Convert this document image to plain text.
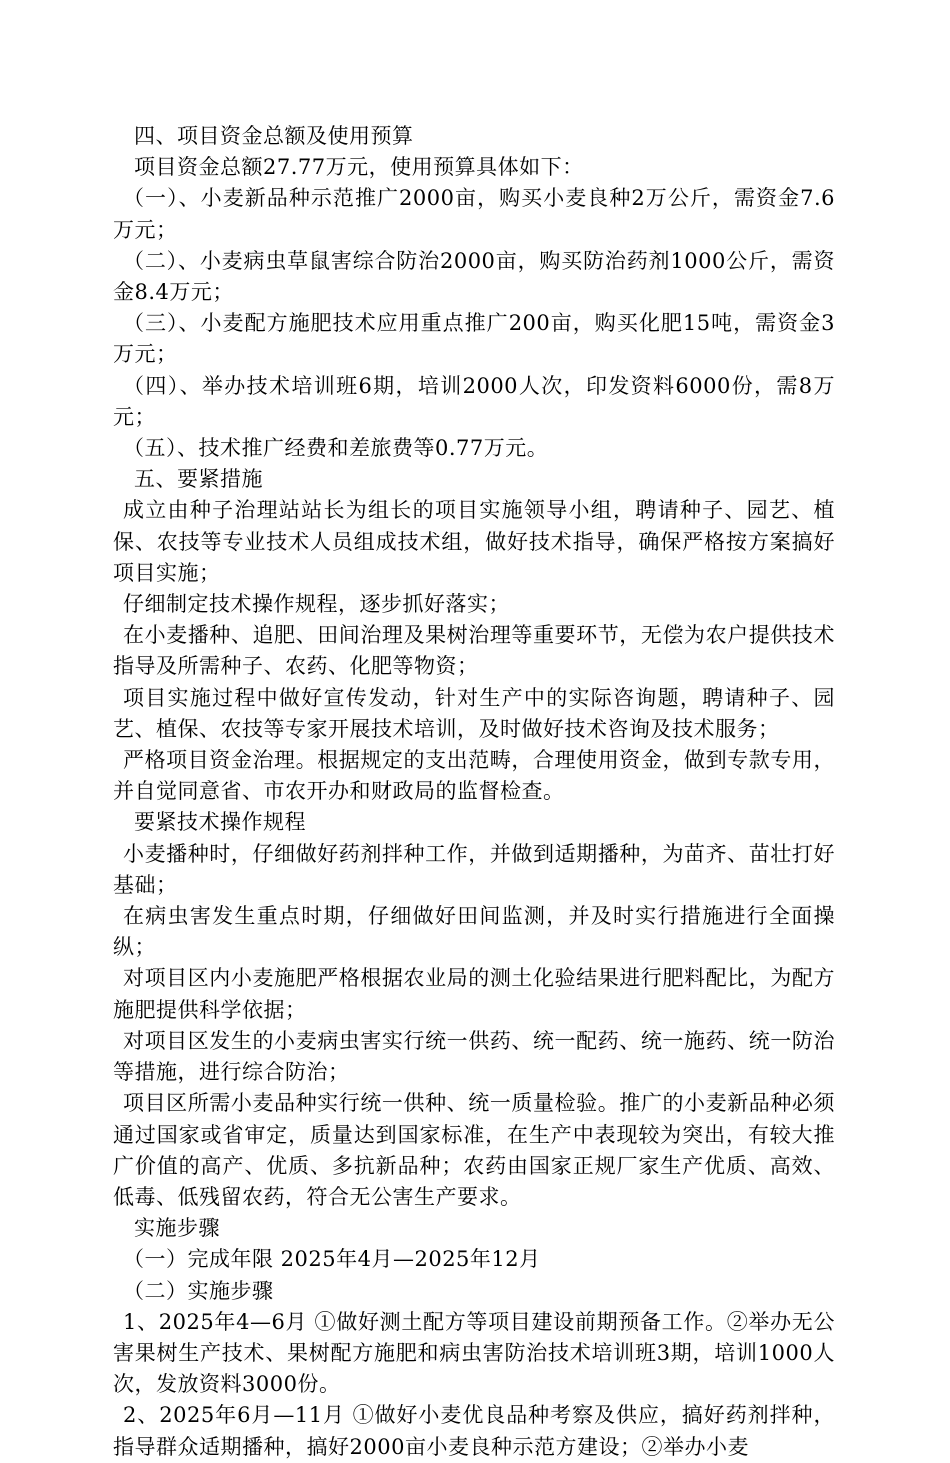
四、项目资金总额及使用预算

项目资金总额27.77万元，使用预算具体如下：

（一）、小麦新品种示范推广2000亩，购买小麦良种2万公斤，需资金7.6万元；

（二）、小麦病虫草鼠害综合防治2000亩，购买防治药剂1000公斤，需资金8.4万元；

（三）、小麦配方施肥技术应用重点推广200亩，购买化肥15吨，需资金3万元；

（四）、举办技术培训班6期，培训2000人次，印发资料6000份，需8万元；

（五）、技术推广经费和差旅费等0.77万元。

五、要紧措施

成立由种子治理站站长为组长的项目实施领导小组，聘请种子、园艺、植保、农技等专业技术人员组成技术组，做好技术指导，确保严格按方案搞好项目实施；

仔细制定技术操作规程，逐步抓好落实；

在小麦播种、追肥、田间治理及果树治理等重要环节，无偿为农户提供技术指导及所需种子、农药、化肥等物资；

项目实施过程中做好宣传发动，针对生产中的实际咨询题，聘请种子、园艺、植保、农技等专家开展技术培训，及时做好技术咨询及技术服务；

严格项目资金治理。根据规定的支出范畴，合理使用资金，做到专款专用，并自觉同意省、市农开办和财政局的监督检查。

要紧技术操作规程

小麦播种时，仔细做好药剂拌种工作，并做到适期播种，为苗齐、苗壮打好基础；

在病虫害发生重点时期，仔细做好田间监测，并及时实行措施进行全面操纵；

对项目区内小麦施肥严格根据农业局的测土化验结果进行肥料配比，为配方施肥提供科学依据；

对项目区发生的小麦病虫害实行统一供药、统一配药、统一施药、统一防治等措施，进行综合防治；

项目区所需小麦品种实行统一供种、统一质量检验。推广的小麦新品种必须通过国家或省审定，质量达到国家标准，在生产中表现较为突出，有较大推广价值的高产、优质、多抗新品种；农药由国家正规厂家生产优质、高效、低毒、低残留农药，符合无公害生产要求。

实施步骤

（一）完成年限 2025年4月—2025年12月

（二）实施步骤

1、2025年4—6月 ①做好测土配方等项目建设前期预备工作。②举办无公害果树生产技术、果树配方施肥和病虫害防治技术培训班3期，培训1000人次，发放资料3000份。

2、2025年6月—11月 ①做好小麦优良品种考察及供应，搞好药剂拌种，指导群众适期播种，搞好2000亩小麦良种示范方建设；②举办小麦
